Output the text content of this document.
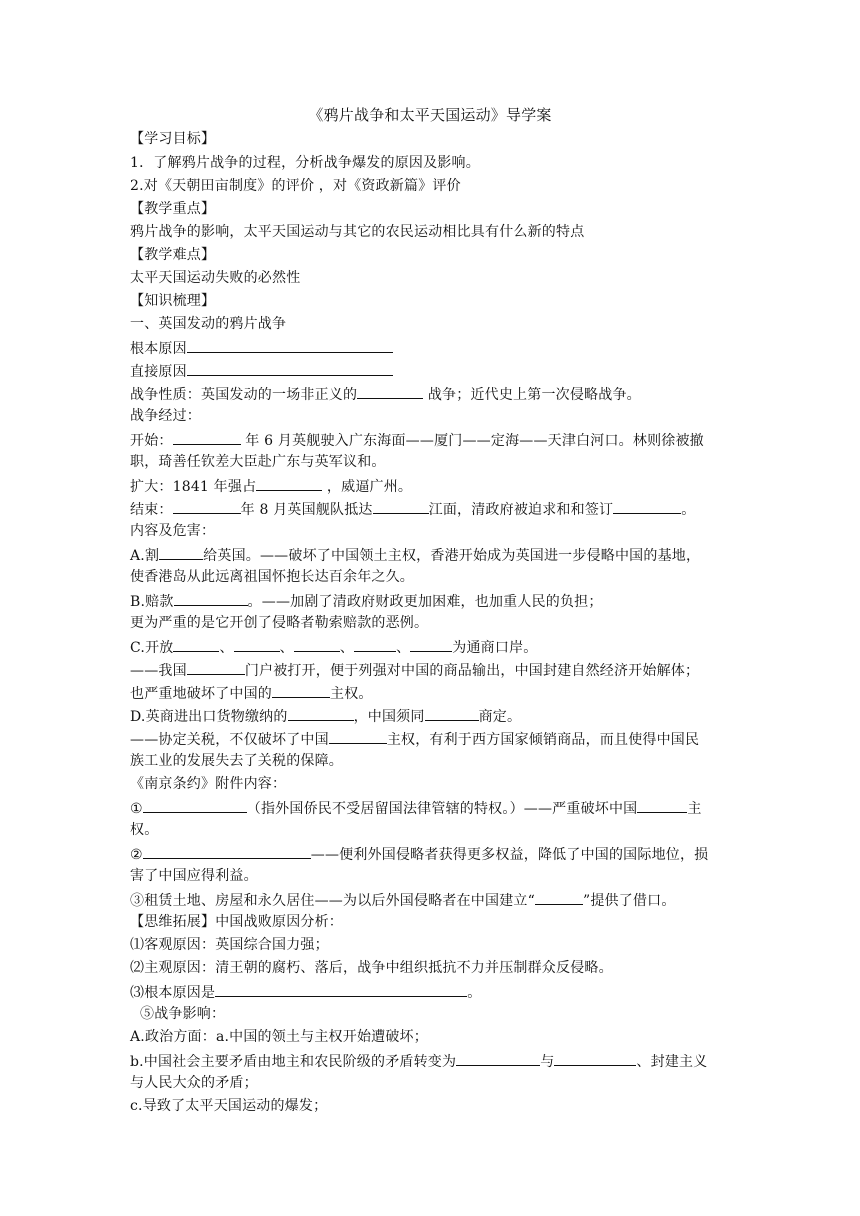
《鸦片战争和太平天国运动》导学案
【学习目标】
1．了解鸦片战争的过程，分析战争爆发的原因及影响。
2.对《天朝田亩制度》的评价 ，对《资政新篇》评价
【教学重点】
鸦片战争的影响，太平天国运动与其它的农民运动相比具有什么新的特点
【教学难点】
太平天国运动失败的必然性
【知识梳理】
一、英国发动的鸦片战争
根本原因
直接原因
战争性质：英国发动的一场非正义的	战争；近代史上第一次侵略战争。
战争经过：
开始：	年 6 月英舰驶入广东海面——厦门——定海——天津白河口。林则徐被撤
职，琦善任钦差大臣赴广东与英军议和。
扩大：1841 年强占	，威逼广州。
结束：	年 8 月英国舰队抵达	江面，清政府被迫求和和签订	。
内容及危害：
A.割	给英国。——破坏了中国领土主权，香港开始成为英国进一步侵略中国的基地，
使香港岛从此远离祖国怀抱长达百余年之久。
B.赔款	。——加剧了清政府财政更加困难，也加重人民的负担；
更为严重的是它开创了侵略者勒索赔款的恶例。
C.开放	、	、	、	、	为通商口岸。
——我国	门户被打开，便于列强对中国的商品输出，中国封建自然经济开始解体；
也严重地破坏了中国的	主权。
D.英商进出口货物缴纳的	，中国须同	商定。
——协定关税，不仅破坏了中国	主权，有利于西方国家倾销商品，而且使得中国民
族工业的发展失去了关税的保障。
《南京条约》附件内容：
①	（指外国侨民不受居留国法律管辖的特权。）——严重破坏中国	主
权。
②	——便利外国侵略者获得更多权益，降低了中国的国际地位，损
害了中国应得利益。
③租赁土地、房屋和永久居住——为以后外国侵略者在中国建立“	”提供了借口。
【思维拓展】中国战败原因分析：
⑴客观原因：英国综合国力强；
⑵主观原因：清王朝的腐朽、落后，战争中组织抵抗不力并压制群众反侵略。
⑶根本原因是	。
⑤战争影响：
A.政治方面：a.中国的领土与主权开始遭破坏；
b.中国社会主要矛盾由地主和农民阶级的矛盾转变为	与	、封建主义
与人民大众的矛盾；
c.导致了太平天国运动的爆发；
